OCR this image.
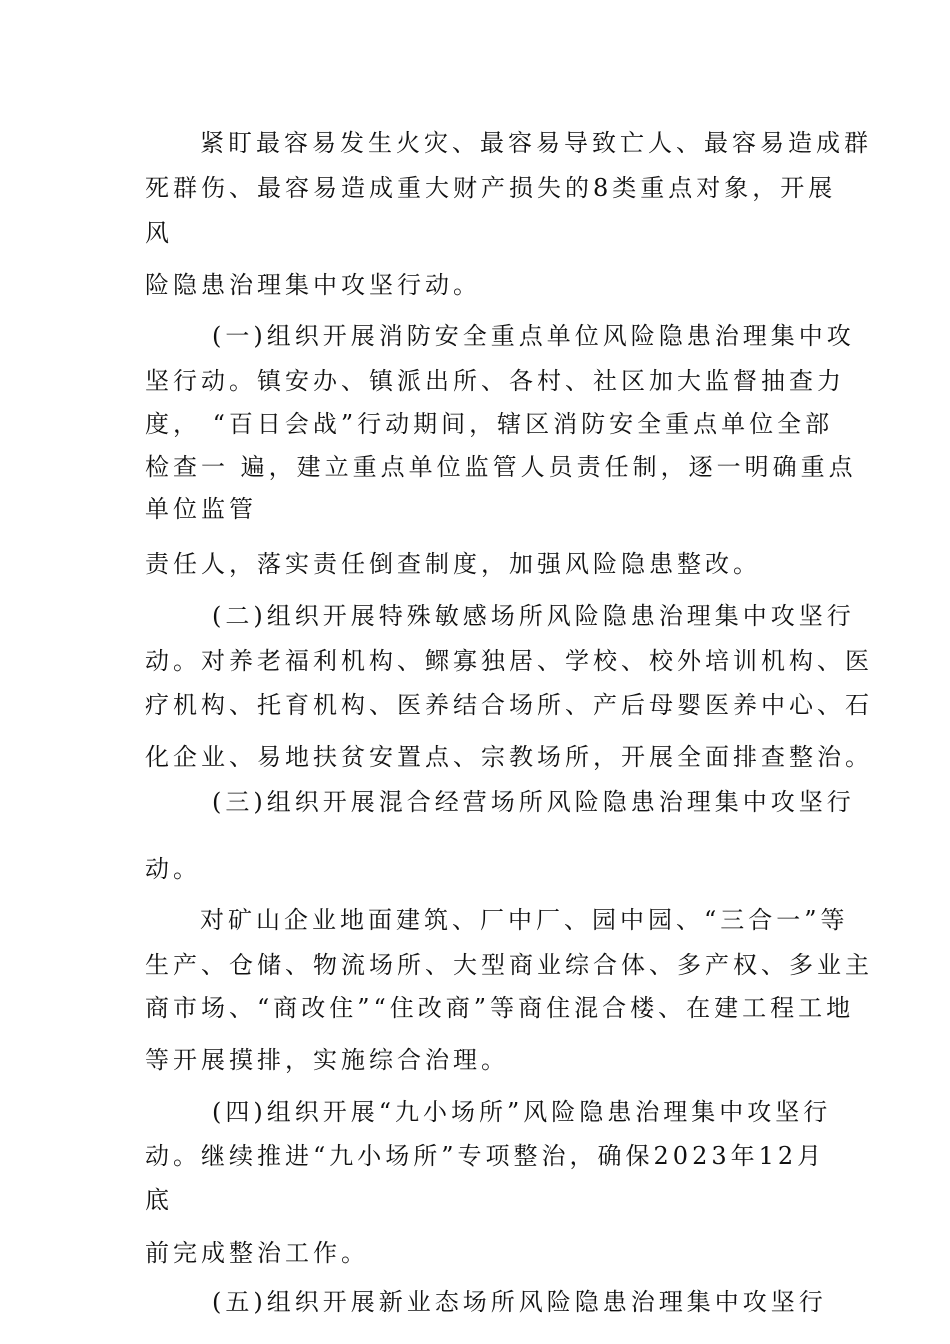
紧盯最容易发生火灾、最容易导致亡人、最容易造成群
死群伤、最容易造成重大财产损失的8类重点对象，开展
风
险隐患治理集中攻坚行动。
(一)组织开展消防安全重点单位风险隐患治理集中攻
坚行动。镇安办、镇派出所、各村、社区加大监督抽查力
度， “百日会战”行动期间，辖区消防安全重点单位全部
检查一 遍，建立重点单位监管人员责任制，逐一明确重点
单位监管
责任人，落实责任倒查制度，加强风险隐患整改。
(二)组织开展特殊敏感场所风险隐患治理集中攻坚行
动。对养老福利机构、鳏寡独居、学校、校外培训机构、医
疗机构、托育机构、医养结合场所、产后母婴医养中心、石
化企业、易地扶贫安置点、宗教场所，开展全面排查整治。
(三)组织开展混合经营场所风险隐患治理集中攻坚行
动。
对矿山企业地面建筑、厂中厂、园中园、“三合一”等
生产、仓储、物流场所、大型商业综合体、多产权、多业主
商市场、“商改住”“住改商”等商住混合楼、在建工程工地
等开展摸排，实施综合治理。
(四)组织开展“九小场所”风险隐患治理集中攻坚行
动。继续推进“九小场所”专项整治，确保2023年12月
底
前完成整治工作。
(五)组织开展新业态场所风险隐患治理集中攻坚行
